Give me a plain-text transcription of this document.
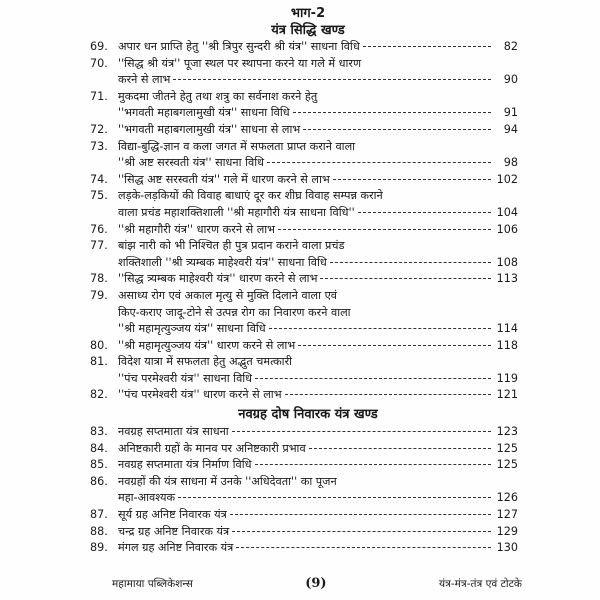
भाग-2
यंत्र सिद्धि खण्ड
69. अपार धन प्राप्ति हेतु ''श्री त्रिपुर सुन्दरी श्री यंत्र'' साधना विधि	82
70. ''सिद्ध श्री यंत्र'' पूजा स्थल पर स्थापना करने या गले में धारण
करने से लाभ	90
71. मुकदमा जीतने हेतु तथा शत्रु का सर्वनाश करने हेतु
''भगवती महाबगलामुखी यंत्र'' साधना विधि	91
72. ''भगवती महाबगलामुखी यंत्र'' साधना से लाभ	94
73. विद्या-बुद्धि-ज्ञान व कला जगत में सफलता प्राप्त कराने वाला
''श्री अष्ट सरस्वती यंत्र'' साधना विधि	98
74. ''सिद्ध अष्ट सरस्वती यंत्र'' गले में धारण करने से लाभ	102
75. लड़के-लड़कियों की विवाह बाधाएं दूर कर शीघ्र विवाह सम्पन्न कराने
वाला प्रचंड महाशक्तिशाली ''श्री महागौरी यंत्र साधना विधि''	104
76. ''श्री महागौरी यंत्र'' धारण करने से लाभ	106
77. बांझ नारी को भी निश्चित ही पुत्र प्रदान कराने वाला प्रचंड
शक्तिशाली ''श्री त्र्यम्बक माहेश्वरी यंत्र'' साधना विधि	108
78. ''सिद्ध त्र्यम्बक माहेश्वरी यंत्र'' धारण करने से लाभ	113
79. असाध्य रोग एवं अकाल मृत्यु से मुक्ति दिलाने वाला एवं
किए-कराए जादू-टोने से उत्पन्न रोग का निवारण करने वाला
''श्री महामृत्युञ्जय यंत्र'' साधना विधि	114
80. ''श्री महामृत्युञ्जय यंत्र'' धारण करने से लाभ	118
81. विदेश यात्रा में सफलता हेतु अद्भुत चमत्कारी
''पंच परमेश्वरी यंत्र'' साधना विधि	119
82. ''पंच परमेश्वरी यंत्र'' धारण करने से लाभ	121
नवग्रह दोष निवारक यंत्र खण्ड
83. नवग्रह सप्तमाता यंत्र साधना	123
84. अनिष्टकारी ग्रहों के मानव पर अनिष्टकारी प्रभाव	125
85. नवग्रह सप्तमाता यंत्र निर्माण विधि	125
86. नवग्रहों की यंत्र साधना में उनके ''अधिदेवता'' का पूजन
महा-आवश्यक	126
87. सूर्य ग्रह अनिष्ट निवारक यंत्र	127
88. चन्द्र ग्रह अनिष्ट निवारक यंत्र	129
89. मंगल ग्रह अनिष्ट निवारक यंत्र	130
महामाया पब्लिकेशन्स	(9)	यंत्र-मंत्र-तंत्र एवं टोटके
